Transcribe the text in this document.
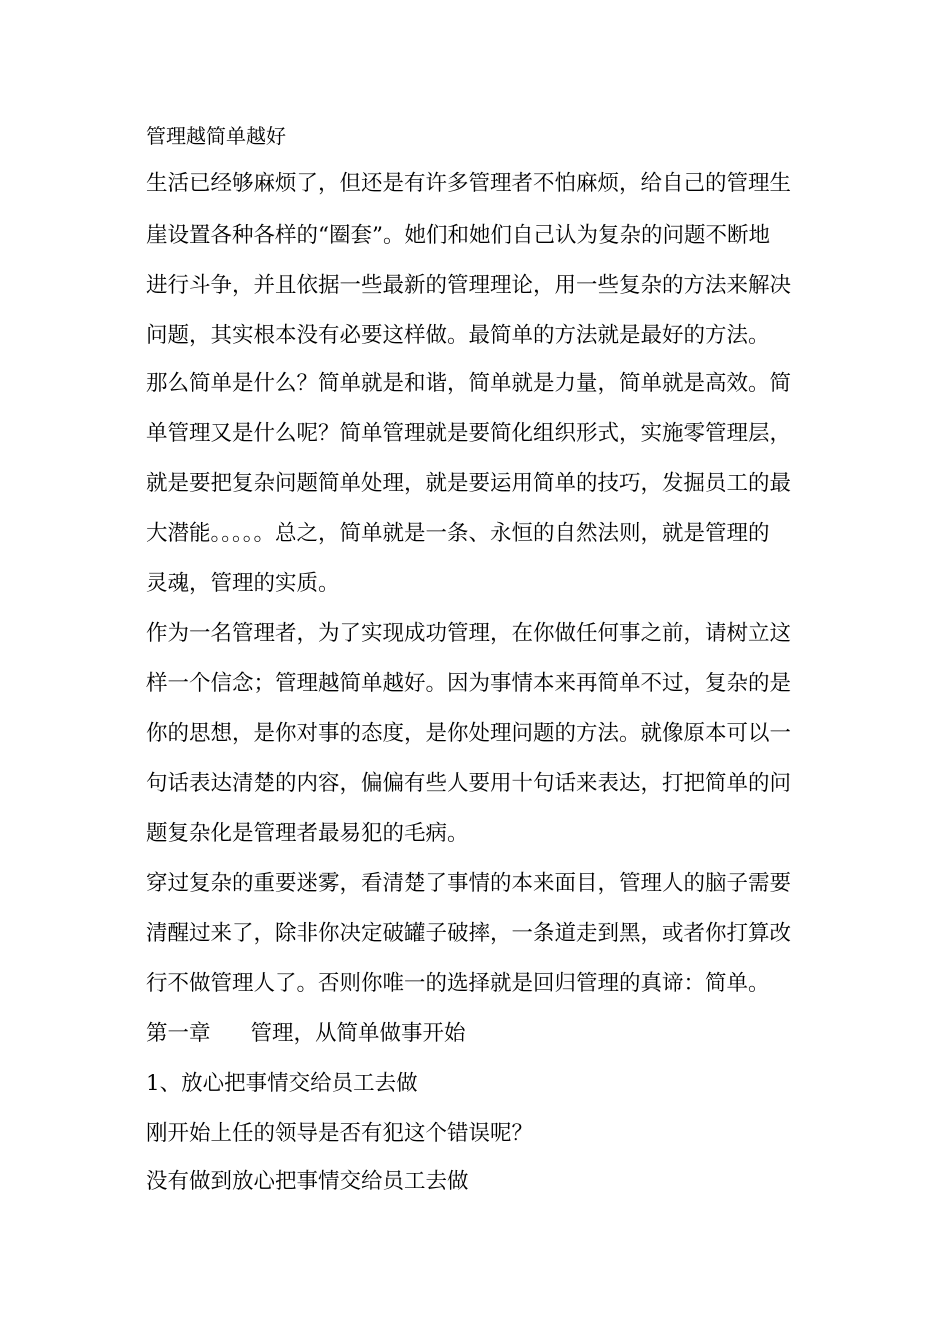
管理越简单越好
生活已经够麻烦了，但还是有许多管理者不怕麻烦，给自己的管理生
崖设置各种各样的“圈套”。她们和她们自己认为复杂的问题不断地
进行斗争，并且依据一些最新的管理理论，用一些复杂的方法来解决
问题，其实根本没有必要这样做。最简单的方法就是最好的方法。
那么简单是什么？简单就是和谐，简单就是力量，简单就是高效。简
单管理又是什么呢？简单管理就是要简化组织形式，实施零管理层，
就是要把复杂问题简单处理，就是要运用简单的技巧，发掘员工的最
大潜能。。。。。总之，简单就是一条、永恒的自然法则，就是管理的
灵魂，管理的实质。
作为一名管理者，为了实现成功管理，在你做任何事之前，请树立这
样一个信念；管理越简单越好。因为事情本来再简单不过，复杂的是
你的思想，是你对事的态度，是你处理问题的方法。就像原本可以一
句话表达清楚的内容，偏偏有些人要用十句话来表达，打把简单的问
题复杂化是管理者最易犯的毛病。
穿过复杂的重要迷雾，看清楚了事情的本来面目，管理人的脑子需要
清醒过来了，除非你决定破罐子破摔，一条道走到黑，或者你打算改
行不做管理人了。否则你唯一的选择就是回归管理的真谛：简单。
第一章 管理，从简单做事开始
1、放心把事情交给员工去做
刚开始上任的领导是否有犯这个错误呢？
没有做到放心把事情交给员工去做
